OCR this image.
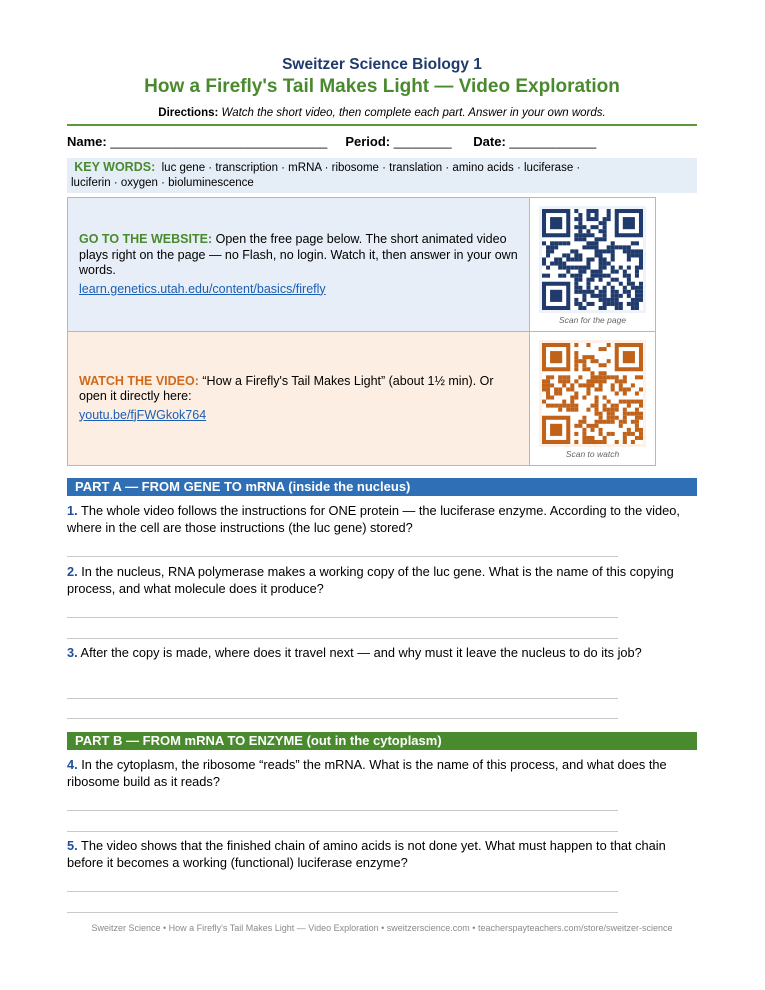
Sweitzer Science Biology 1
How a Firefly's Tail Makes Light — Video Exploration
Directions: Watch the short video, then complete each part. Answer in your own words.
Name: ______________________________ Period: ________ Date: ____________
KEY WORDS: luc gene · transcription · mRNA · ribosome · translation · amino acids · luciferase ·
luciferin · oxygen · bioluminescence
GO TO THE WEBSITE: Open the free page below. The short animated video plays right on the page — no Flash, no login. Watch it, then answer in your own words.
learn.genetics.utah.edu/content/basics/firefly
Scan for the page
WATCH THE VIDEO: “How a Firefly's Tail Makes Light” (about 1½ min). Or open it directly here:
youtu.be/fjFWGkok764
Scan to watch
PART A — FROM GENE TO mRNA (inside the nucleus)
1. The whole video follows the instructions for ONE protein — the luciferase enzyme. According to the video, where in the cell are those instructions (the luc gene) stored?
2. In the nucleus, RNA polymerase makes a working copy of the luc gene. What is the name of this copying process, and what molecule does it produce?
3. After the copy is made, where does it travel next — and why must it leave the nucleus to do its job?
PART B — FROM mRNA TO ENZYME (out in the cytoplasm)
4. In the cytoplasm, the ribosome “reads” the mRNA. What is the name of this process, and what does the ribosome build as it reads?
5. The video shows that the finished chain of amino acids is not done yet. What must happen to that chain before it becomes a working (functional) luciferase enzyme?
Sweitzer Science • How a Firefly's Tail Makes Light — Video Exploration • sweitzerscience.com • teacherspayteachers.com/store/sweitzer-science
